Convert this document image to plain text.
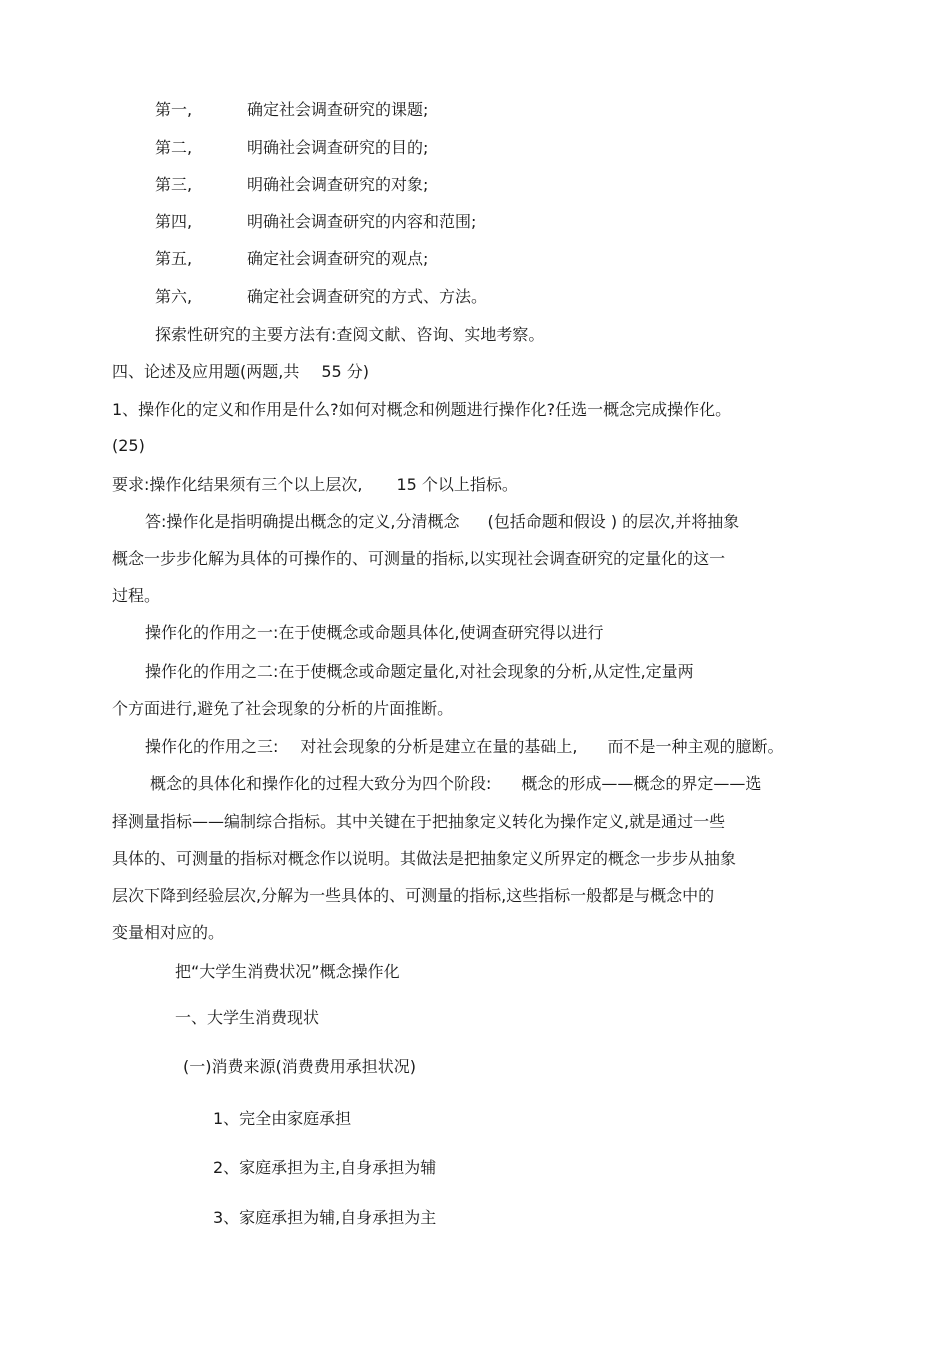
第一,	确定社会调查研究的课题;
第二,	明确社会调查研究的目的;
第三,	明确社会调查研究的对象;
第四,	明确社会调查研究的内容和范围;
第五,	确定社会调查研究的观点;
第六,	确定社会调查研究的方式、方法。
探索性研究的主要方法有:查阅文献、咨询、实地考察。
四、论述及应用题(两题,共 55 分)
1、操作化的定义和作用是什么?如何对概念和例题进行操作化?任选一概念完成操作化。
(25)
要求:操作化结果须有三个以上层次, 15 个以上指标。
答:操作化是指明确提出概念的定义,分清概念 (包括命题和假设 ) 的层次,并将抽象
概念一步步化解为具体的可操作的、可测量的指标,以实现社会调查研究的定量化的这一
过程。
操作化的作用之一:在于使概念或命题具体化,使调查研究得以进行
操作化的作用之二:在于使概念或命题定量化,对社会现象的分析,从定性,定量两
个方面进行,避免了社会现象的分析的片面推断。
操作化的作用之三: 对社会现象的分析是建立在量的基础上, 而不是一种主观的臆断。
概念的具体化和操作化的过程大致分为四个阶段: 概念的形成——概念的界定——选
择测量指标——编制综合指标。其中关键在于把抽象定义转化为操作定义,就是通过一些
具体的、可测量的指标对概念作以说明。其做法是把抽象定义所界定的概念一步步从抽象
层次下降到经验层次,分解为一些具体的、可测量的指标,这些指标一般都是与概念中的
变量相对应的。
把“大学生消费状况”概念操作化
一、大学生消费现状
(一)消费来源(消费费用承担状况)
1、完全由家庭承担
2、家庭承担为主,自身承担为辅
3、家庭承担为辅,自身承担为主
